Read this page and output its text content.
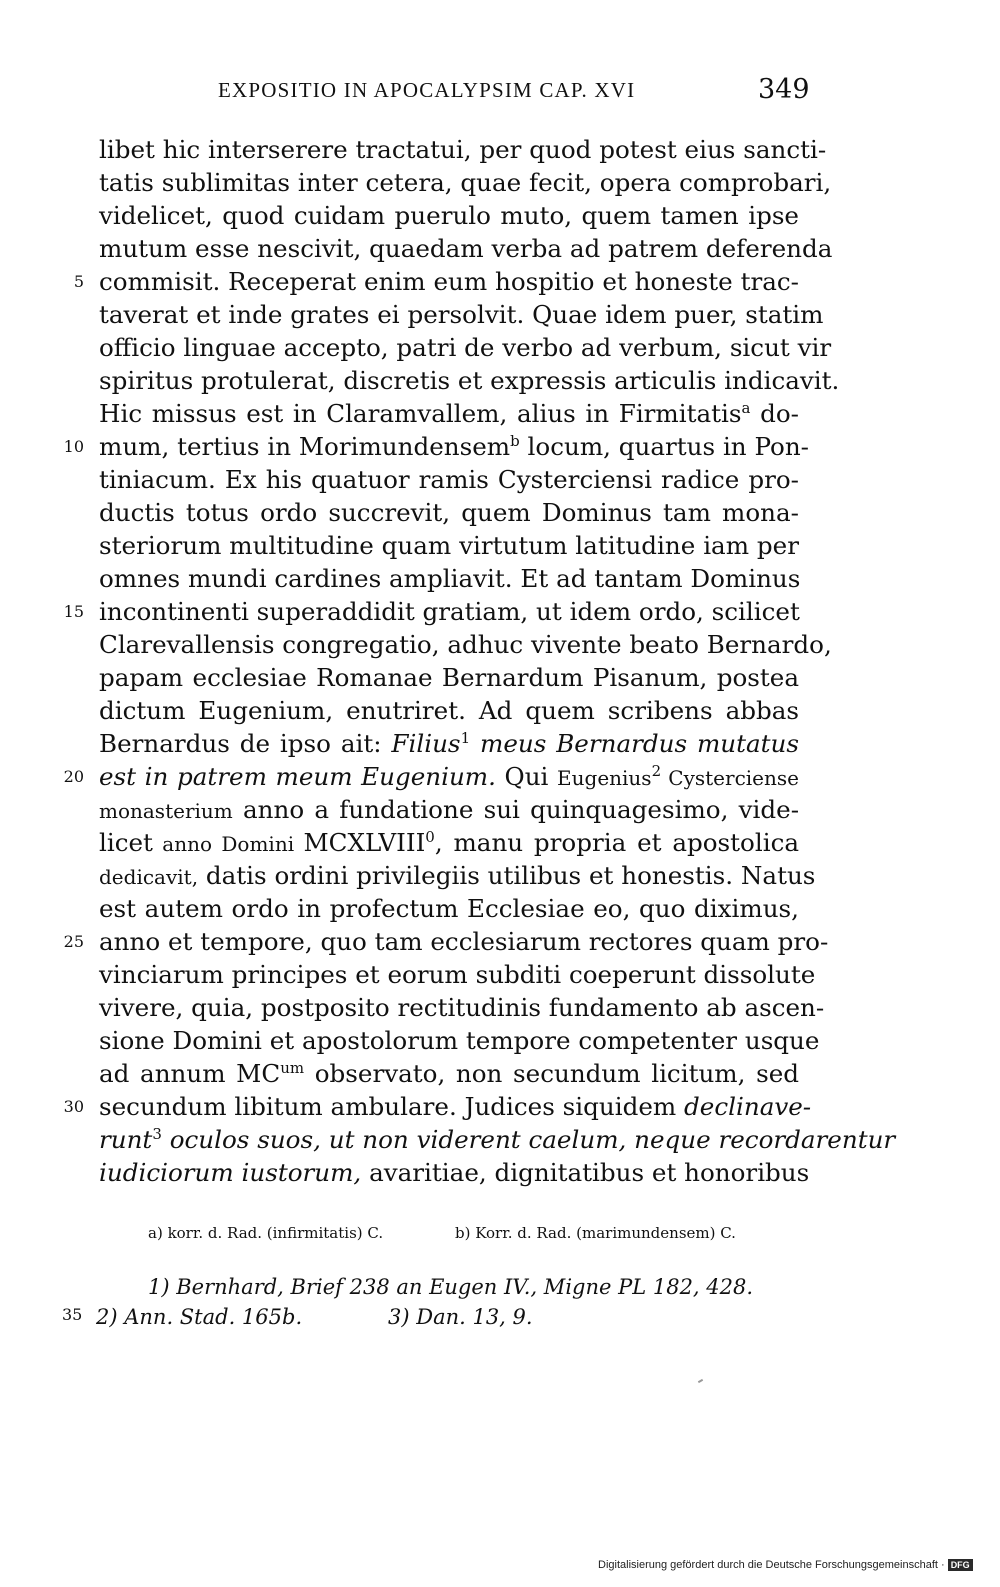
EXPOSITIO IN APOCALYPSIM CAP. XVI	349
libet hic interserere tractatui, per quod potest eius sancti-
tatis sublimitas inter cetera, quae fecit, opera comprobari,
videlicet, quod cuidam puerulo muto, quem tamen ipse
mutum esse nescivit, quaedam verba ad patrem deferenda
5 commisit. Receperat enim eum hospitio et honeste trac-
taverat et inde grates ei persolvit. Quae idem puer, statim
officio linguae accepto, patri de verbo ad verbum, sicut vir
spiritus protulerat, discretis et expressis articulis indicavit.
Hic missus est in Claramvallem, alius in Firmitatis$^a$ do-
10 mum, tertius in Morimundensem$^b$ locum, quartus in Pon-
tiniacum. Ex his quatuor ramis Cysterciensi radice pro-
ductis totus ordo succrevit, quem Dominus tam mona-
steriorum multitudine quam virtutum latitudine iam per
omnes mundi cardines ampliavit. Et ad tantam Dominus
15 incontinenti superaddidit gratiam, ut idem ordo, scilicet
Clarevallensis congregatio, adhuc vivente beato Bernardo,
papam ecclesiae Romanae Bernardum Pisanum, postea
dictum Eugenium, enutriret. Ad quem scribens abbas
Bernardus de ipso ait: Filius$^1$ meus Bernardus mutatus
20 est in patrem meum Eugenium. Qui Eugenius$^2$ Cysterciense
monasterium anno a fundatione sui quinquagesimo, vide-
licet anno Domini MCXLVIII$^0$, manu propria et apostolica
dedicavit, datis ordini privilegiis utilibus et honestis. Natus
est autem ordo in profectum Ecclesiae eo, quo diximus,
25 anno et tempore, quo tam ecclesiarum rectores quam pro-
vinciarum principes et eorum subditi coeperunt dissolute
vivere, quia, postposito rectitudinis fundamento ab ascen-
sione Domini et apostolorum tempore competenter usque
ad annum $MC^{um}$ observato, non secundum licitum, sed
30 secundum libitum ambulare. Judices siquidem declinave-
runt$^3$ oculos suos, ut non viderent caelum, neque recordarentur
iudiciorum iustorum, avaritiae, dignitatibus et honoribus
a) korr. d. Rad. (infirmitatis) C.	b) Korr. d. Rad. (marimundensem) C.
1) Bernhard, Brief 238 an Eugen IV., Migne PL 182, 428.
35 2) Ann. Stad. 165b.	3) Dan. 13, 9.
Digitalisierung gefördert durch die Deutsche Forschungsgemeinschaft · DFG
